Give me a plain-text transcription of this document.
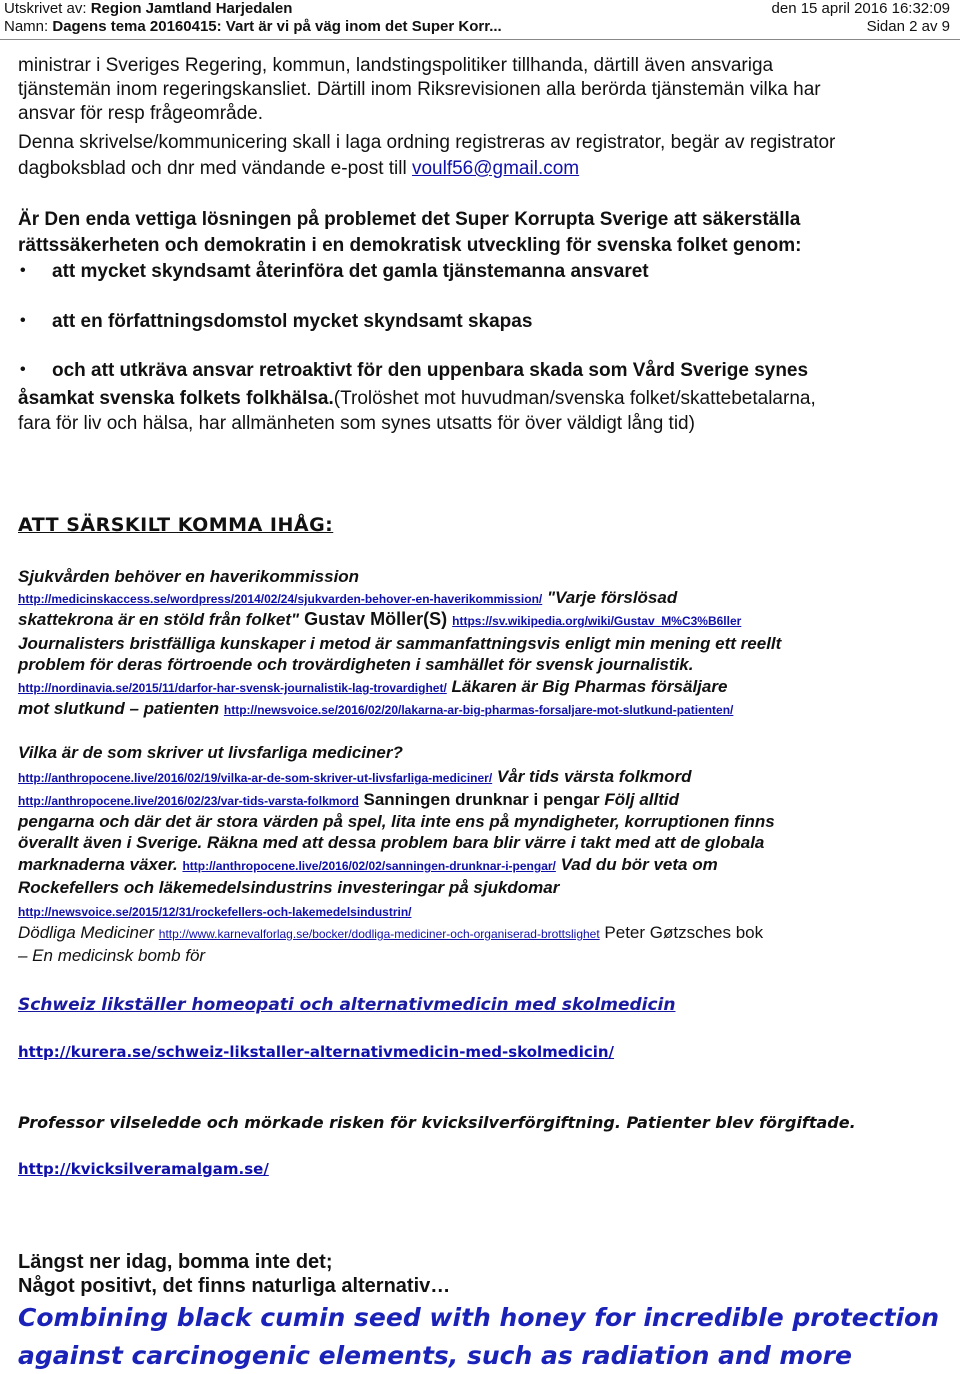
Utskrivet av: Region Jamtland Harjedalen	den 15 april 2016 16:32:09
Namn: Dagens tema 20160415: Vart är vi på väg inom det Super Korr...	Sidan 2 av 9
ministrar i Sveriges Regering, kommun, landstingspolitiker tillhanda, därtill även ansvariga
tjänstemän inom regeringskansliet. Därtill inom Riksrevisionen alla berörda tjänstemän vilka har
ansvar för resp frågeområde.
Denna skrivelse/kommunicering skall i laga ordning registreras av registrator, begär av registrator
dagboksblad och dnr med vändande e-post till voulf56@gmail.com
Är Den enda vettiga lösningen på problemet det Super Korrupta Sverige att säkerställa
rättssäkerheten och demokratin i en demokratisk utveckling för svenska folket genom:
• att mycket skyndsamt återinföra det gamla tjänstemanna ansvaret
• att en författningsdomstol mycket skyndsamt skapas
• och att utkräva ansvar retroaktivt för den uppenbara skada som Vård Sverige synes
åsamkat svenska folkets folkhälsa.(Trolöshet mot huvudman/svenska folket/skattebetalarna,
fara för liv och hälsa, har allmänheten som synes utsatts för över väldigt lång tid)
ATT SÄRSKILT KOMMA IHÅG:
Sjukvården behöver en haverikommission
http://medicinskaccess.se/wordpress/2014/02/24/sjukvarden-behover-en-haverikommission/ "Varje förslösad
skattekrona är en stöld från folket" Gustav Möller(S) https://sv.wikipedia.org/wiki/Gustav_M%C3%B6ller
Journalisters bristfälliga kunskaper i metod är sammanfattningsvis enligt min mening ett reellt
problem för deras förtroende och trovärdigheten i samhället för svensk journalistik.
http://nordinavia.se/2015/11/darfor-har-svensk-journalistik-lag-trovardighet/ Läkaren är Big Pharmas försäljare
mot slutkund – patienten http://newsvoice.se/2016/02/20/lakarna-ar-big-pharmas-forsaljare-mot-slutkund-patienten/
Vilka är de som skriver ut livsfarliga mediciner?
http://anthropocene.live/2016/02/19/vilka-ar-de-som-skriver-ut-livsfarliga-mediciner/ Vår tids värsta folkmord
http://anthropocene.live/2016/02/23/var-tids-varsta-folkmord Sanningen drunknar i pengar Följ alltid
pengarna och där det är stora värden på spel, lita inte ens på myndigheter, korruptionen finns
överallt även i Sverige. Räkna med att dessa problem bara blir värre i takt med att de globala
marknaderna växer. http://anthropocene.live/2016/02/02/sanningen-drunknar-i-pengar/ Vad du bör veta om
Rockefellers och läkemedelsindustrins investeringar på sjukdomar
http://newsvoice.se/2015/12/31/rockefellers-och-lakemedelsindustrin/
Dödliga Mediciner http://www.karnevalforlag.se/bocker/dodliga-mediciner-och-organiserad-brottslighet Peter Gøtzsches bok
– En medicinsk bomb för
Schweiz likställer homeopati och alternativmedicin med skolmedicin
http://kurera.se/schweiz-likstaller-alternativmedicin-med-skolmedicin/
Professor vilseledde och mörkade risken för kvicksilverförgiftning. Patienter blev förgiftade.
http://kvicksilveramalgam.se/
Längst ner idag, bomma inte det;
Något positivt, det finns naturliga alternativ…
Combining black cumin seed with honey for incredible protection
against carcinogenic elements, such as radiation and more
